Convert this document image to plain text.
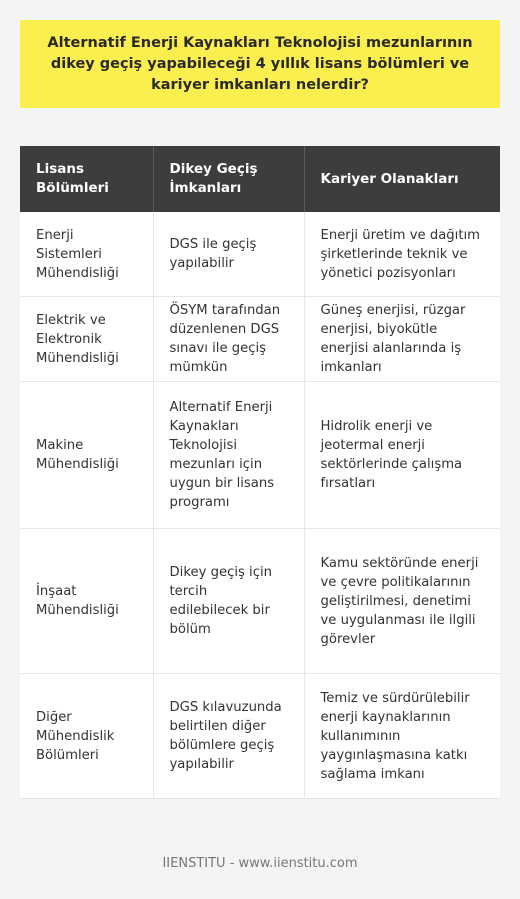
Alternatif Enerji Kaynakları Teknolojisi mezunlarının dikey geçiş yapabileceği 4 yıllık lisans bölümleri ve kariyer imkanları nelerdir?
Lisans Bölümleri	Dikey Geçiş İmkanları	Kariyer Olanakları
Enerji Sistemleri Mühendisliği	DGS ile geçiş yapılabilir	Enerji üretim ve dağıtım şirketlerinde teknik ve yönetici pozisyonları
Elektrik ve Elektronik Mühendisliği	ÖSYM tarafından düzenlenen DGS sınavı ile geçiş mümkün	Güneş enerjisi, rüzgar enerjisi, biyokütle enerjisi alanlarında iş imkanları
Makine Mühendisliği	Alternatif Enerji Kaynakları Teknolojisi mezunları için uygun bir lisans programı	Hidrolik enerji ve jeotermal enerji sektörlerinde çalışma fırsatları
İnşaat Mühendisliği	Dikey geçiş için tercih edilebilecek bir bölüm	Kamu sektöründe enerji ve çevre politikalarının geliştirilmesi, denetimi ve uygulanması ile ilgili görevler
Diğer Mühendislik Bölümleri	DGS kılavuzunda belirtilen diğer bölümlere geçiş yapılabilir	Temiz ve sürdürülebilir enerji kaynaklarının kullanımının yaygınlaşmasına katkı sağlama imkanı
IIENSTITU - www.iienstitu.com
